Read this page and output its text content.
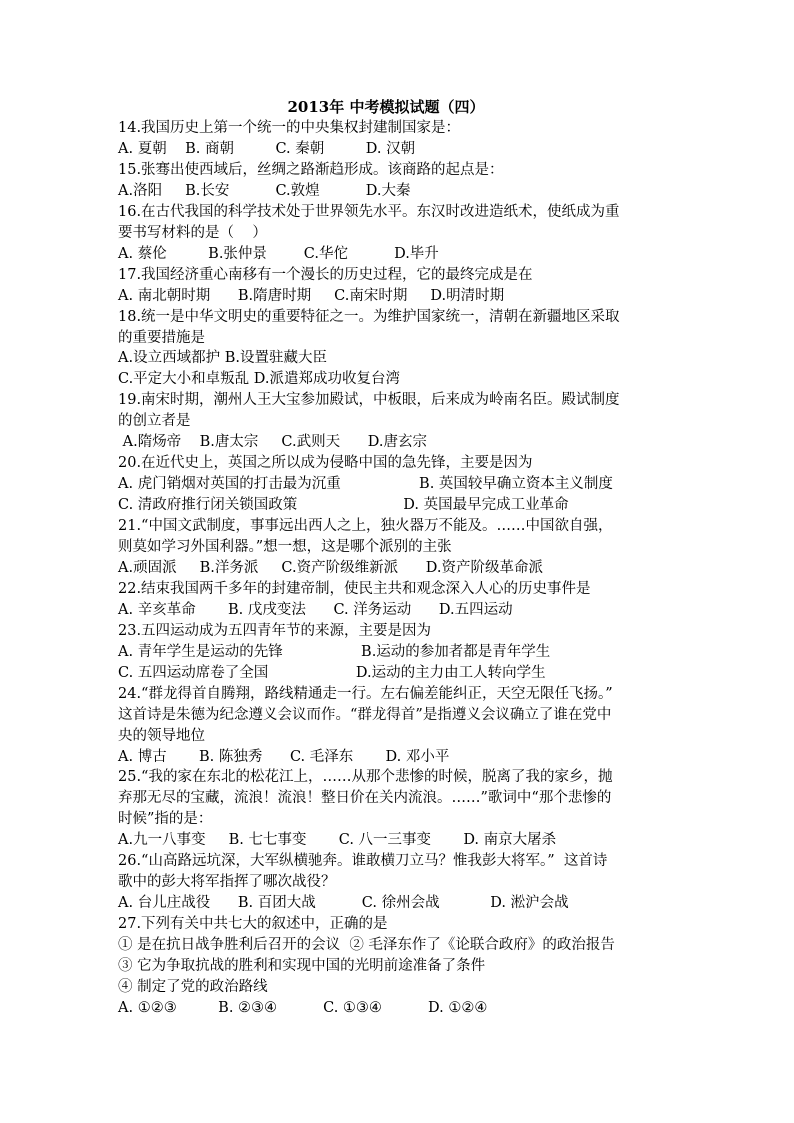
2013年 中考模拟试题（四）

14.我国历史上第一个统一的中央集权封建制国家是：

A. 夏朝    B. 商朝         C. 秦朝         D. 汉朝

15.张骞出使西域后，丝绸之路渐趋形成。该商路的起点是：

A.洛阳     B.长安          C.敦煌          D.大秦

16.在古代我国的科学技术处于世界领先水平。东汉时改进造纸术，使纸成为重

要书写材料的是（    ）

A. 蔡伦         B.张仲景        C.华佗          D.毕升

17.我国经济重心南移有一个漫长的历史过程，它的最终完成是在

A. 南北朝时期      B.隋唐时期     C.南宋时期     D.明清时期

18.统一是中华文明史的重要特征之一。为维护国家统一，清朝在新疆地区采取

的重要措施是

A.设立西域都护 B.设置驻藏大臣

C.平定大小和卓叛乱 D.派遣郑成功收复台湾

19.南宋时期，潮州人王大宝参加殿试，中板眼，后来成为岭南名臣。殿试制度

的创立者是

A.隋炀帝    B.唐太宗     C.武则天      D.唐玄宗

20.在近代史上，英国之所以成为侵略中国的急先锋，主要是因为

A. 虎门销烟对英国的打击最为沉重                 B. 英国较早确立资本主义制度

C. 清政府推行闭关锁国政策                       D. 英国最早完成工业革命

21.“中国文武制度，事事远出西人之上，独火器万不能及。……中国欲自强，

则莫如学习外国利器。”想一想，这是哪个派别的主张

A.顽固派     B.洋务派     C.资产阶级维新派      D.资产阶级革命派

22.结束我国两千多年的封建帝制，使民主共和观念深入人心的历史事件是

A. 辛亥革命       B. 戊戌变法      C. 洋务运动      D.五四运动

23.五四运动成为五四青年节的来源，主要是因为

A. 青年学生是运动的先锋                 B.运动的参加者都是青年学生

C. 五四运动席卷了全国                   D.运动的主力由工人转向学生

24.“群龙得首自腾翔，路线精通走一行。左右偏差能纠正，天空无限任飞扬。”

这首诗是朱德为纪念遵义会议而作。“群龙得首”是指遵义会议确立了谁在党中

央的领导地位

A. 博古       B. 陈独秀      C. 毛泽东       D. 邓小平

25.“我的家在东北的松花江上，……从那个悲惨的时候，脱离了我的家乡，抛

弃那无尽的宝藏，流浪！流浪！整日价在关内流浪。……”歌词中“那个悲惨的

时候”指的是：

A.九一八事变     B. 七七事变       C. 八一三事变       D. 南京大屠杀

26.“山高路远坑深，大军纵横驰奔。谁敢横刀立马？惟我彭大将军。”  这首诗

歌中的彭大将军指挥了哪次战役？

A. 台儿庄战役      B. 百团大战          C. 徐州会战           D. 淞沪会战

27.下列有关中共七大的叙述中，正确的是

① 是在抗日战争胜利后召开的会议  ② 毛泽东作了《论联合政府》的政治报告

③ 它为争取抗战的胜利和实现中国的光明前途准备了条件

④ 制定了党的政治路线

A. ①②③         B. ②③④          C. ①③④          D. ①②④
